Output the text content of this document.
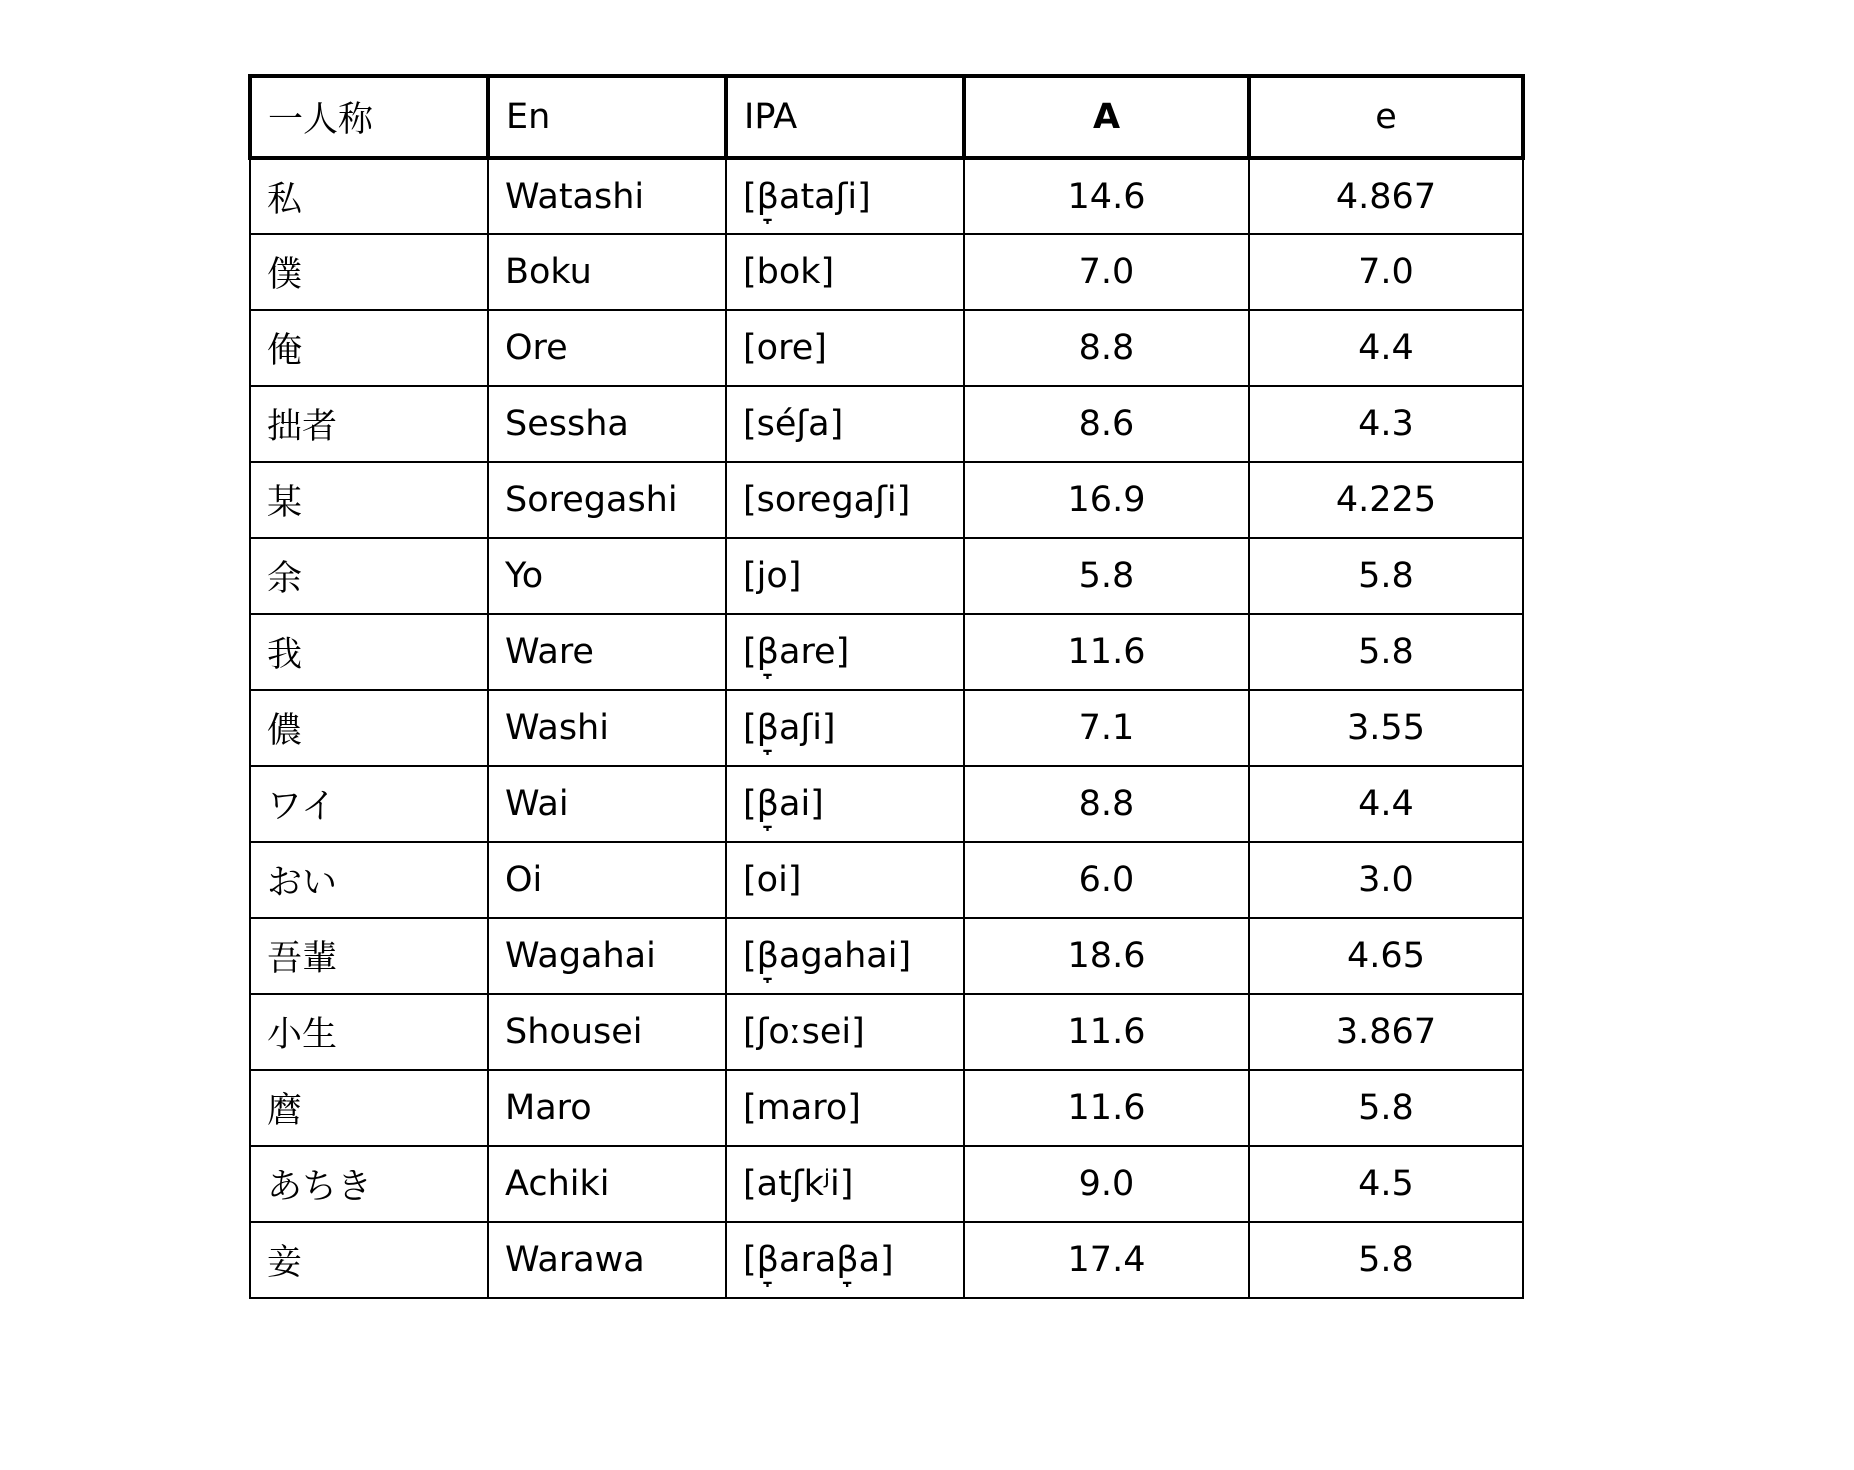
一人称	En	IPA	A	e
私	Watashi	[β̞ataʃi]	14.6	4.867
僕	Boku	[bok]	7.0	7.0
俺	Ore	[ore]	8.8	4.4
拙者	Sessha	[séʃa]	8.6	4.3
某	Soregashi	[soregaʃi]	16.9	4.225
余	Yo	[jo]	5.8	5.8
我	Ware	[β̞are]	11.6	5.8
儂	Washi	[β̞aʃi]	7.1	3.55
ワイ	Wai	[β̞ai]	8.8	4.4
おい	Oi	[oi]	6.0	3.0
吾輩	Wagahai	[β̞agahai]	18.6	4.65
小生	Shousei	[ʃoːsei]	11.6	3.867
麿	Maro	[maro]	11.6	5.8
あちき	Achiki	[atʃkʲi]	9.0	4.5
妾	Warawa	[β̞araβ̞a]	17.4	5.8
